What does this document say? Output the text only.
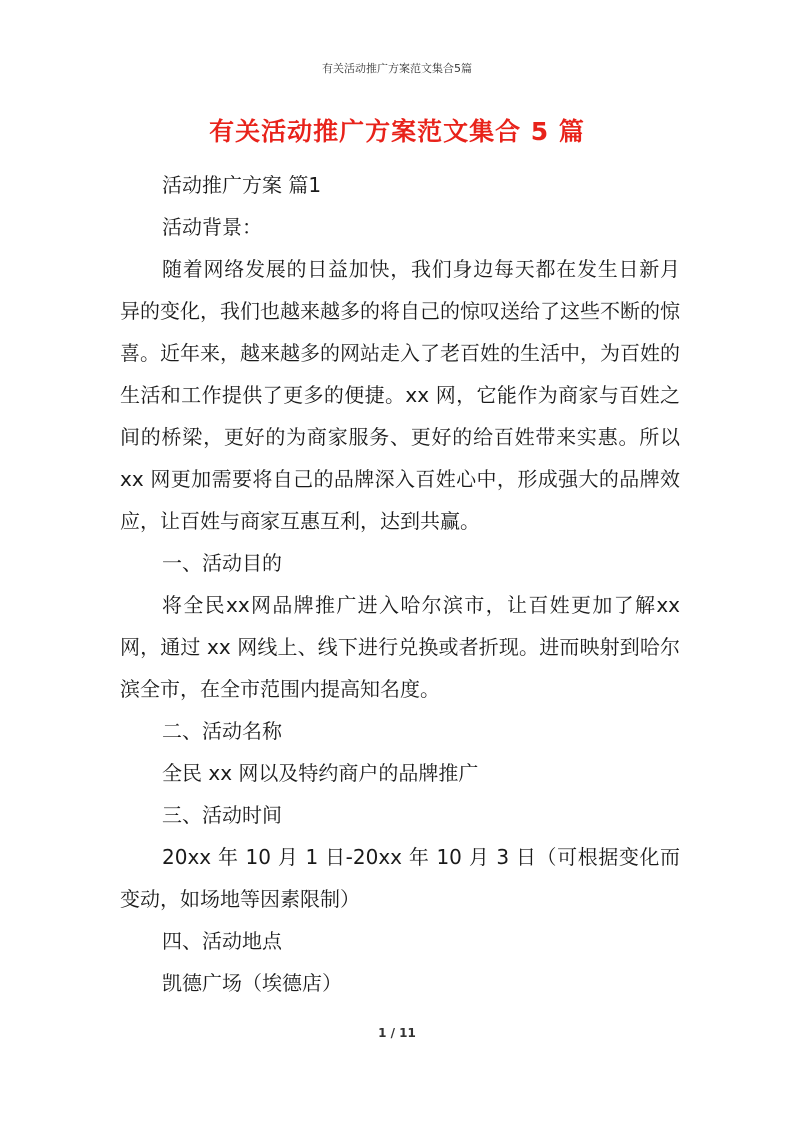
有关活动推广方案范文集合5篇
有关活动推广方案范文集合 5 篇

活动推广方案 篇1

活动背景：

随着网络发展的日益加快，我们身边每天都在发生日新月异的变化，我们也越来越多的将自己的惊叹送给了这些不断的惊喜。近年来，越来越多的网站走入了老百姓的生活中，为百姓的生活和工作提供了更多的便捷。xx 网，它能作为商家与百姓之间的桥梁，更好的为商家服务、更好的给百姓带来实惠。所以 xx 网更加需要将自己的品牌深入百姓心中，形成强大的品牌效应，让百姓与商家互惠互利，达到共赢。

一、活动目的

将全民xx网品牌推广进入哈尔滨市，让百姓更加了解xx 网，通过 xx 网线上、线下进行兑换或者折现。进而映射到哈尔滨全市，在全市范围内提高知名度。

二、活动名称

全民 xx 网以及特约商户的品牌推广

三、活动时间

20xx 年 10 月 1 日-20xx 年 10 月 3 日（可根据变化而变动，如场地等因素限制）

四、活动地点

凯德广场（埃德店）

1 / 11
